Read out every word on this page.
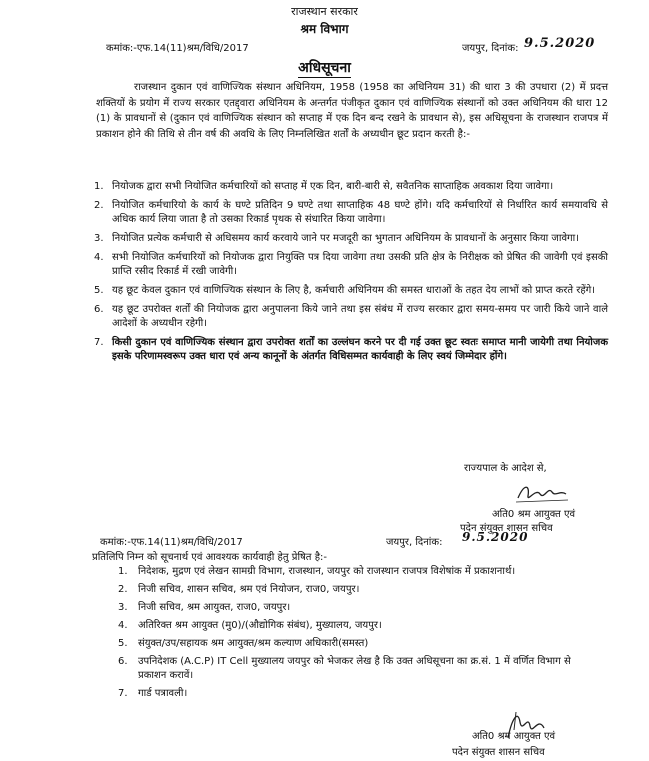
राजस्थान सरकार
श्रम विभाग
कमांक:-एफ.14(11)श्रम/विधि/2017	जयपुर, दिनांक: 9.5.2020
अधिसूचना
राजस्थान दुकान एवं वाणिज्यिक संस्थान अधिनियम, 1958 (1958 का अधिनियम 31) की धारा 3 की उपधारा (2) में प्रदत्त शक्तियों के प्रयोग में राज्य सरकार एतद्द्वारा अधिनियम के अन्तर्गत पंजीकृत दुकान एवं वाणिज्यिक संस्थानों को उक्त अधिनियम की धारा 12 (1) के प्रावधानों से (दुकान एवं वाणिज्यिक संस्थान को सप्ताह में एक दिन बन्द रखने के प्रावधान से), इस अधिसूचना के राजस्थान राजपत्र में प्रकाशन होने की तिथि से तीन वर्ष की अवधि के लिए निम्नलिखित शर्तों के अध्यधीन छूट प्रदान करती है:-
1. नियोजक द्वारा सभी नियोजित कर्मचारियों को सप्ताह में एक दिन, बारी-बारी से, सवैतनिक साप्ताहिक अवकाश दिया जावेगा।
2. नियोजित कर्मचारियो के कार्य के घण्टे प्रतिदिन 9 घण्टे तथा साप्ताहिक 48 घण्टे होंगे। यदि कर्मचारियों से निर्धारित कार्य समयावधि से अधिक कार्य लिया जाता है तो उसका रिकार्ड पृथक से संधारित किया जावेगा।
3. नियोजित प्रत्येक कर्मचारी से अधिसमय कार्य करवाये जाने पर मजदूरी का भुगतान अधिनियम के प्रावधानों के अनुसार किया जावेगा।
4. सभी नियोजित कर्मचारियों को नियोजक द्वारा नियुक्ति पत्र दिया जावेगा तथा उसकी प्रति क्षेत्र के निरीक्षक को प्रेषित की जावेगी एवं इसकी प्राप्ति रसीद रिकार्ड में रखी जावेगी।
5. यह छूट केवल दुकान एवं वाणिज्यिक संस्थान के लिए है, कर्मचारी अधिनियम की समस्त धाराओं के तहत देय लाभों को प्राप्त करते रहेंगे।
6. यह छूट उपरोक्त शर्तों की नियोजक द्वारा अनुपालना किये जाने तथा इस संबंध में राज्य सरकार द्वारा समय-समय पर जारी किये जाने वाले आदेशों के अध्यधीन रहेगी।
7. किसी दुकान एवं वाणिज्यिक संस्थान द्वारा उपरोक्त शर्तों का उल्लंघन करने पर दी गई उक्त छूट स्वतः समाप्त मानी जायेगी तथा नियोजक इसके परिणामस्वरूप उक्त धारा एवं अन्य कानूनों के अंतर्गत विधिसम्मत कार्यवाही के लिए स्वयं जिम्मेदार होंगे।
राज्यपाल के आदेश से,
अति0 श्रम आयुक्त एवं
पदेन संयुक्त शासन सचिव
कमांक:-एफ.14(11)श्रम/विधि/2017	जयपुर, दिनांक: 9.5.2020
प्रतिलिपि निम्न को सूचनार्थ एवं आवश्यक कार्यवाही हेतु प्रेषित है:-
1.	निदेशक, मुद्रण एवं लेखन सामग्री विभाग, राजस्थान, जयपुर को राजस्थान राजपत्र विशेषांक में प्रकाशनार्थ।
2.	निजी सचिव, शासन सचिव, श्रम एवं नियोजन, राज0, जयपुर।
3.	निजी सचिव, श्रम आयुक्त, राज0, जयपुर।
4.	अतिरिक्त श्रम आयुक्त (मु0)/(औद्योगिक संबंध), मुख्यालय, जयपुर।
5.	संयुक्त/उप/सहायक श्रम आयुक्त/श्रम कल्याण अधिकारी(समस्त)
6.	उपनिदेशक (A.C.P) IT Cell मुख्यालय जयपुर को भेजकर लेख है कि उक्त अधिसूचना का क्र.सं. 1 में वर्णित विभाग से प्रकाशन करावें।
7.	गार्ड पत्रावली।
अति0 श्रम आयुक्त एवं
पदेन संयुक्त शासन सचिव
